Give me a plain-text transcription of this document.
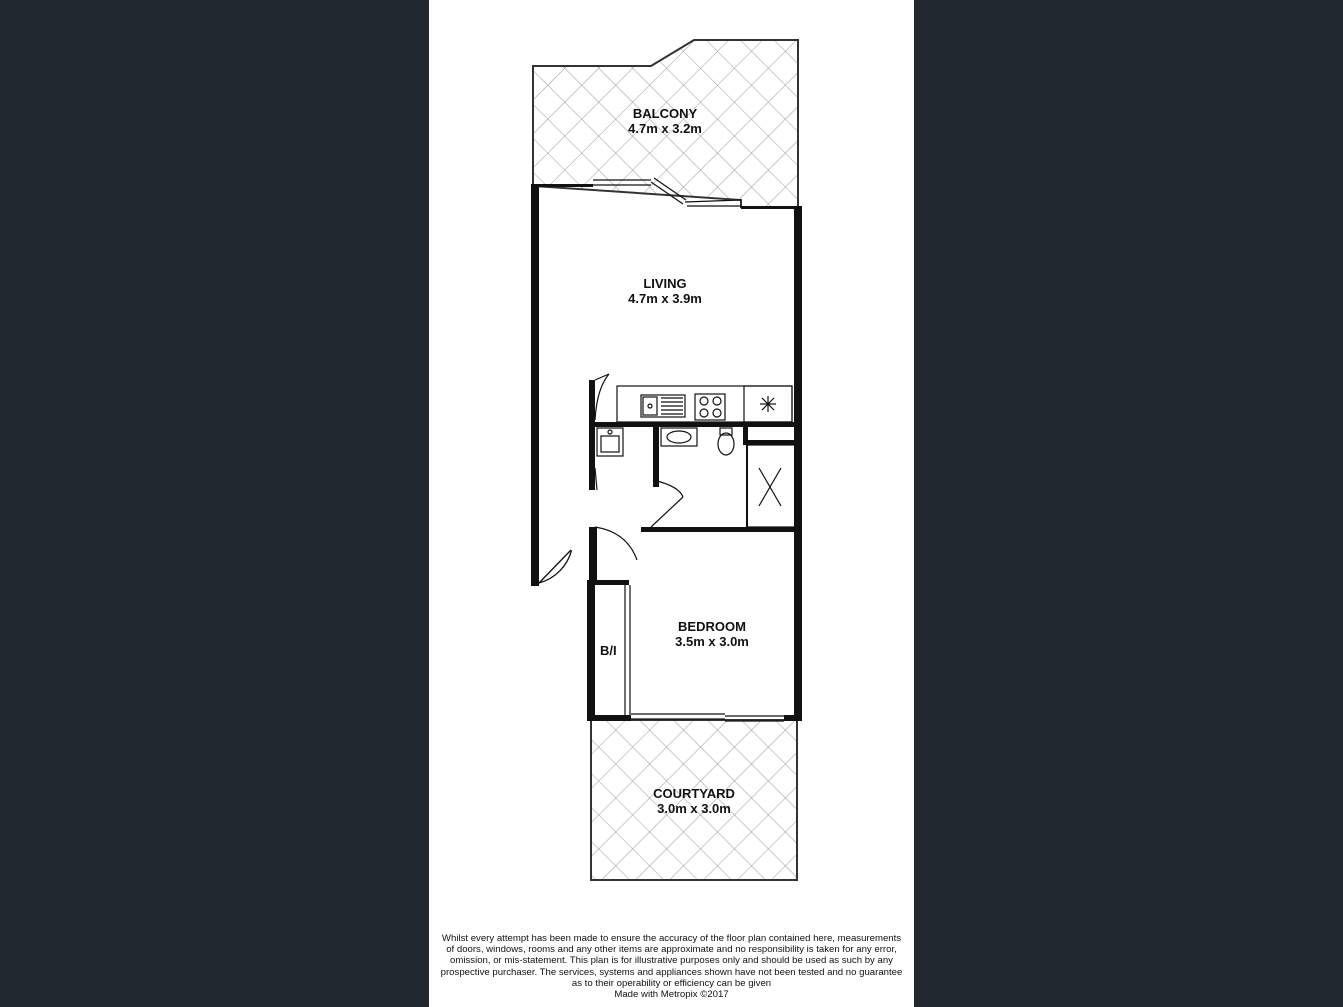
BALCONY
4.7m x 3.2m
LIVING
4.7m x 3.9m
BEDROOM
3.5m x 3.0m
B/I
COURTYARD
3.0m x 3.0m
Whilst every attempt has been made to ensure the accuracy of the floor plan contained here, measurements
of doors, windows, rooms and any other items are approximate and no responsibility is taken for any error,
omission, or mis-statement. This plan is for illustrative purposes only and should be used as such by any
prospective purchaser. The services, systems and appliances shown have not been tested and no guarantee
as to their operability or efficiency can be given
Made with Metropix ©2017
